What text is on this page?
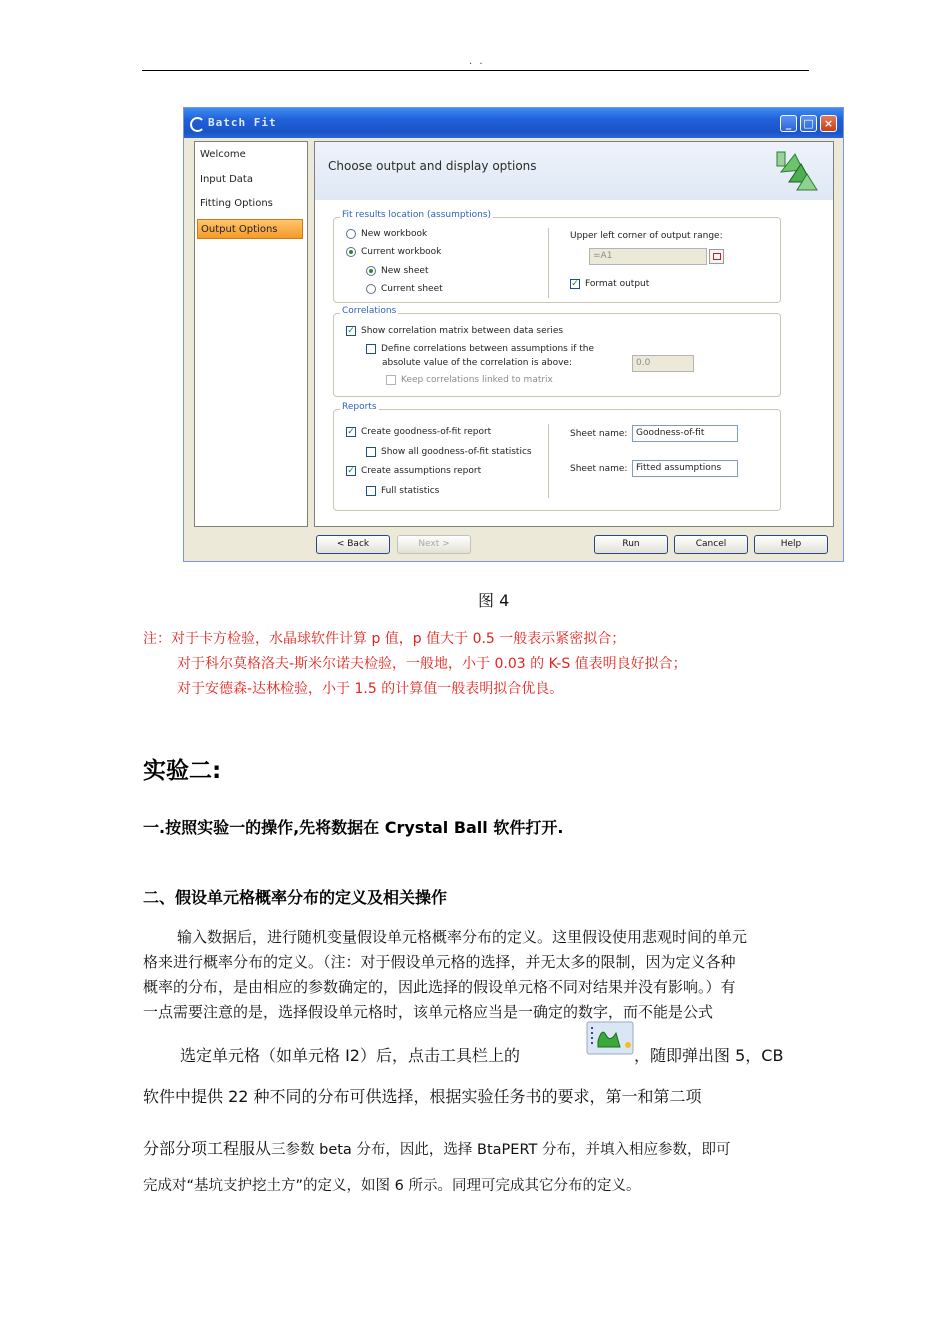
. .
Batch Fit	_	□ ×
Welcome
Input Data
Fitting Options
Output Options
Choose output and display options
Fit results location (assumptions)
New workbook
Current workbook
New sheet
Current sheet
Upper left corner of output range:
=A1
✓ Format output
Correlations
✓ Show correlation matrix between data series
Define correlations between assumptions if the
absolute value of the correlation is above:	0.0
Keep correlations linked to matrix
Reports
✓ Create goodness-of-fit report
Show all goodness-of-fit statistics
✓ Create assumptions report
Full statistics
Sheet name: Goodness-of-fit
Sheet name: Fitted assumptions
< Back	Next >	Run	Cancel	Help
图 4
注：对于卡方检验，水晶球软件计算 p 值，p 值大于 0.5 一般表示紧密拟合；
对于科尔莫格洛夫-斯米尔诺夫检验，一般地，小于 0.03 的 K-S 值表明良好拟合；
对于安德森-达林检验，小于 1.5 的计算值一般表明拟合优良。
实验二:
一.按照实验一的操作,先将数据在 Crystal Ball 软件打开.
二、假设单元格概率分布的定义及相关操作
输入数据后，进行随机变量假设单元格概率分布的定义。这里假设使用悲观时间的单元
格来进行概率分布的定义。（注：对于假设单元格的选择，并无太多的限制，因为定义各种
概率的分布，是由相应的参数确定的，因此选择的假设单元格不同对结果并没有影响。）有
一点需要注意的是，选择假设单元格时，该单元格应当是一确定的数字，而不能是公式
选定单元格（如单元格 I2）后，点击工具栏上的	，随即弹出图 5，CB
软件中提供 22 种不同的分布可供选择，根据实验任务书的要求，第一和第二项
分部分项工程服从三参数 beta 分布，因此，选择 BtaPERT 分布，并填入相应参数，即可
完成对“基坑支护挖土方”的定义，如图 6 所示。同理可完成其它分布的定义。
